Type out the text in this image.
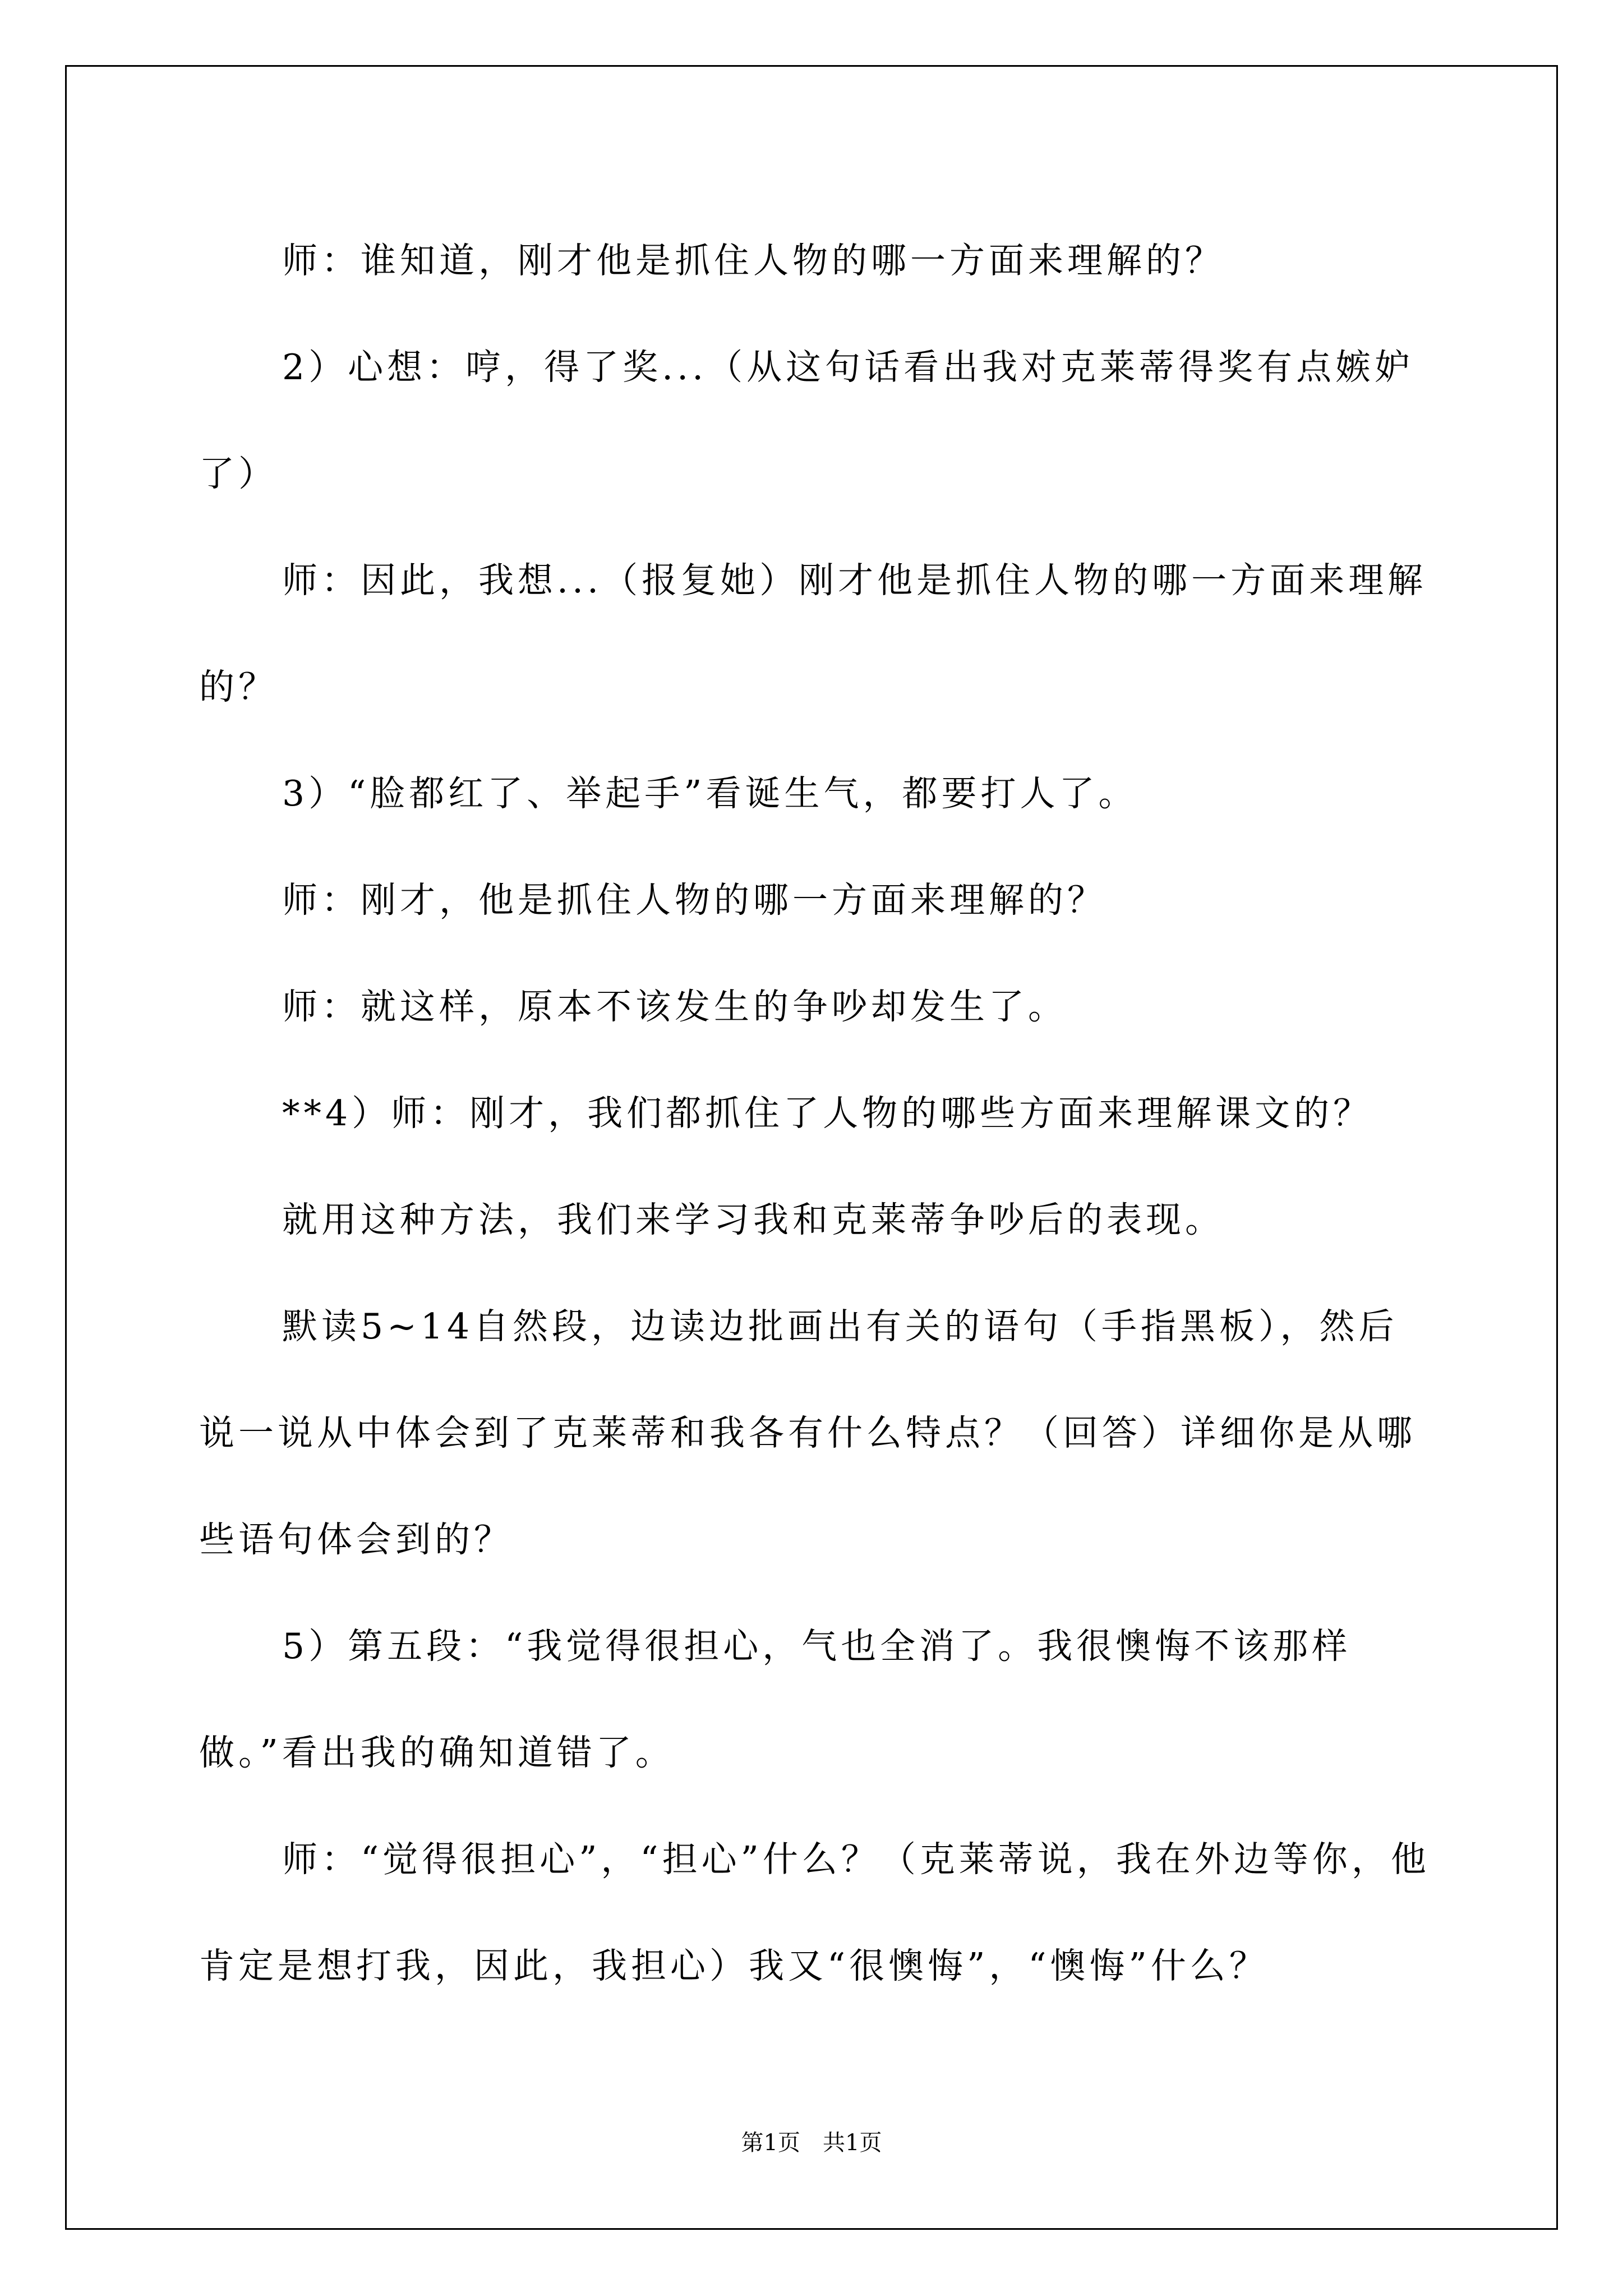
师：谁知道，刚才他是抓住人物的哪一方面来理解的？

2）心想：哼，得了奖...（从这句话看出我对克莱蒂得奖有点嫉妒了）

师：因此，我想...（报复她）刚才他是抓住人物的哪一方面来理解的？

3）“脸都红了、举起手”看诞生气，都要打人了。

师：刚才，他是抓住人物的哪一方面来理解的？

师：就这样，原本不该发生的争吵却发生了。

**4）师：刚才，我们都抓住了人物的哪些方面来理解课文的？

就用这种方法，我们来学习我和克莱蒂争吵后的表现。

默读5~14自然段，边读边批画出有关的语句（手指黑板），然后说一说从中体会到了克莱蒂和我各有什么特点？（回答）详细你是从哪些语句体会到的？

5）第五段：“我觉得很担心，气也全消了。我很懊悔不该那样做。”看出我的确知道错了。

师：“觉得很担心”，“担心”什么？（克莱蒂说，我在外边等你，他肯定是想打我，因此，我担心）我又“很懊悔”，“懊悔”什么？

第1页 共1页
